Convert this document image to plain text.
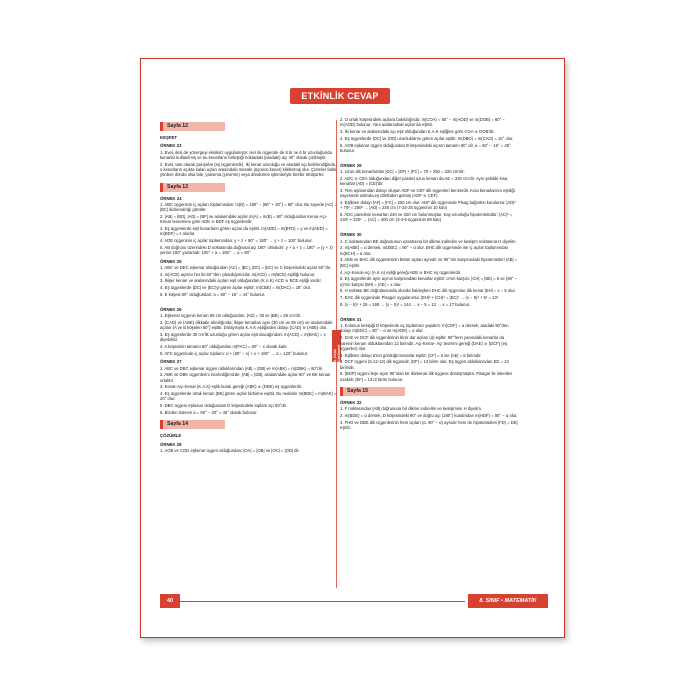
ETKİNLİK CEVAP ANAHTARI
6. Ünite Çözümleri
Sayfa 12
KEŞFET
ÖRNEK 23
1. Evet, ikisi de yönergeyi eksiksiz uygulamıştır. Her iki üçgende de 8 br ve 6 br uzunluğunda kenarlar kullanılmış ve bu kenarların birleştiği noktadaki (aradaki) açı 40° olarak çizilmiştir.
2. Evet, tam olarak çakışırlar (eş üçgenlerdir). İki kenar uzunluğu ve aradaki açı belirlendiğinde, o kenarların açıkta kalan uçları arasındaki mesafe (üçüncü kenar) kilitlenmiş olur. Çizimler farklı yönlere döndü olsa bile, yansıma (çevirme) veya döndürme işlemleriyle birebir örtüşürler.
Sayfa 13
ÖRNEK 24
1. ABC üçgeninin iç açıları toplamından: m(B) = 180° − (80° + 20°) = 80° olur. Bu sayede |AC| = |BC| ikizkenarlığı görülür.
2. |AB| = |BD|, |AD| = |BF| ve aralarındaki açılar m(A) = m(B) = 90° olduğundan Kenar-Açı- Kenar teoremine göre ADE ≅ BDF eş üçgenlerdir.
3. Eş üçgenlerde eşit kenarların gören açılar da eşittir. m(ADE) = m(BFD) = y ve m(AED) = m(BDF) = z olurlar.
4. ADE üçgeninin iç açılar toplamından: y + z + 90° = 180° → y + z = 100° bulunur.
5. AB doğrusu üzerindeki D noktasında doğrusal açı 180° olmalıdır: y + a + z = 180° ⇒ (y + z) yerine 100° yazarsak: 100° + a = 180° → a = 80°
ÖRNEK 25
1. ABC ve DEC eşkenar olduğundan |AC| = |BC|, |DC| = |EC| ve C köşesindeki açılar 60°'dır.
2. m(ACE) açısını her iki 60°'den çıkardığımızda: m(ACD) = m(BCE) eşitliği bulunur.
3. İkişer kenarı ve aralarındaki açıları eşit olduğundan (K.A.K) ACD ≅ BCE eşliği vardır.
4. Eş üçgenlerde |DC| ve |EC|'yi gören açılar eşittir: m(CBE) = m(DAC) = 18° olur.
5. E köşesi 60° olduğundan: a = 60° − 18° = 44° bulunur.
ÖRNEK 26
1. Eşkenar üçgenin kenarı 96 cm olduğundan, |AD| = 30 ve |BE| = 39 cm'dir.
2. (CAD) ve (ABE) dikkatle alındığında; İkişer kenarları aynı (30 cm ve 39 cm) ve aralarındaki açıları (A ve B köşeleri 60°) eşittir. Dolayısıyla K.A.K eşliğinden dolayı (CAD) ≅ (ABE) olur.
3. Eş üçgenlerde 30 cm'lik uzunluğu gören açılar eşit olacağından: m(ACD) = m(BAE) = x diyebiliriz.
4. A köşesinin tamamı 60° olduğundan m(FAC) = 60° − x olarak kalır.
5. AFC üçgeninde iç açılar toplamı: α + (60° − x) + x + 180° → α = 120° bulunur.
ÖRNEK 27
1. ABC ve DBC eşkenar üçgen olduklarından |AB| = |DB| ve m(ABK) = m(DBK) = 60°dir.
2. ABK ve DBK üçgenlerini incelediğimizde; |AB| = |DB|, aralarındaki açılar 60° ve BK kenarı ortaktır.
3. Kenar-Açı-Kenar (K.A.K) eşlik kuralı gereği (ABK) ≅ (DBK) eş üçgenlerdir.
4. Eş üçgenlerde ortak kenarı |BK| gören açılar birbirine eşittir. Bu nedenle m(BDK) = m(BAK) = 20° olur.
5. DBC üçgeni eşkenar olduğundan D köşesindeki toplam açı 60°dir.
6. Bizden istenen a = 60° − 20° = 40° olarak bulunur.
Sayfa 14
ÇÖZÜMLE
ÖRNEK 28
1. AOB ve COD eşkenar üçgen olduğundan; |OA| = |OB| ve |OC| = |OD| dir.
2. O ortak köşesindeki açılara bakıldığında: m(COA) = 60° − m(AOD) ve m(DOB) = 60° − m(AOD) bulunur. Yani aralarındaki açılar da eşittir.
3. İki kenar ve aralarındaki açı eşit olduğundan K.A.K eşliğine göre COA ≅ DOB'dir.
4. Eş üçgenlerde |OC| ve |OD| uzunluklarını gören açılar eşittir. m(DBO) = m(CAO) = 15° olur.
5. AOB eşkenar üçgen olduğundan B köşesindeki açının tamamı 60° dir, a = 60° − 15° = 45° bulunur.
ÖRNEK 29
1. Uzun dik kenarlardan |DC| = |DF| + |FC| = 70 + 250 = 320 cm'dir.
2. ADC ≅ CEA olduğundan diğer paralel uzun kenarı da AE = 320 cm'dir. Aynı şekilde kısa kenarlar |AD| = |CE|'dir.
3. Tere aşılarından dolayı oluşan ADF ve CEF dik üçgenleri benzerdir. Kısa kenarlarının eşitliği sayesinde aslında eş dörtlüden gelmiş (ADF ≅ CEF).
4. Eşlikten dolayı |AF| = |FC| = 250 cm olur. ADF dik üçgeninde Pisag bağıntısı kurulursa: |AD|² + 70² = 250² → |AD| = 240 cm (7-24-25 üçgeninin 10 katı)
5. ADC panelinin kenarları 240 ve 320 cm bulunmuştur. Kay uzunluğu hipotenüsüdür: |AC|² = 240² + 320² → |AC| = 400 cm (3-4-5 üçgeninin 80 katı)
ÖRNEK 30
1. C noktasından BE doğrusunun uzantısına bir dikme indirelim ve kesişim noktasına H diyelim.
2. m(ABE) = α dersek, m(EBC) = 90° − α olur. BHC dik üçgeninde ise iç açılar toplamından m(BCH) = α olur.
3. AEB ve BHC dik üçgenlerinin bütün açıları aynıdır ve 90°'nin karşısındaki hipotenüsleri |AB| = |BC| eşittir.
4. Açı-Kenar-Açı (A.K.A) eşliği gereği AEB ≅ BHC eş üçgenlerdir.
5. Eş üçgenlerde aynı açının karşısındaki kenarlar eşittir: α'nın karşısı: |CH| = |BE| = 5 ve (90° − α)'nın karşısı |BH| = |AE| = x olur.
6. H noktası BE doğrultusunda olunda haldeyken EHC dik üçgenine dik kenar |EH| = x − 5 olur.
7. EHC dik üçgeninde Pisagor uygulanırsa: |EH|² + |CH|² = |EC|² → (x − 5)² + 5² = 13²
8. (x − 5)² + 25 = 169 → (x − 5)² = 144 → x − 5 = 12 → x = 17 bulunur.
ÖRNEK 31
1. Kolonun kesişiği D köşesinde aç toplamacı yapalım: m(CDF) = α dersek, aradaki 90°den dolayı m(EDC) = 90° − α ve m(ADE) = α olur.
2. DAE ve DCF dik üçgenlerinin birer dar açıları (α) eşittir. 90°'lerin yanındaki kenarlar da karenin kenarı olduklarından 12 birimdir. Açı-Kenar- Açı teoremi gereği (DAE) ≅ (DCF) (eş üçgenler) olur.
3. Eşlikten dolayı α'nın gördüğü kenarlar eşittir: |CF| = 5 ise |AE| = 5 birimdir.
4. DCF üçgeni (5-12-13) dik üçgendir, |DF| = 13 birim olur. Eş üçgen olduklarından ED = 13 birimdir.
5. (BDP) üçgeni leşe açısı 90°olan bir ikizkenar dik üçgene dönüşmüştür. Pisagor ile istenilen uzaklık: |EF| = 13√2 birim bulunur.
Sayfa 15
ÖRNEK 32
1. F noktasından [AB] doğrusuna bir dikme indirelim ve kesişimine H diyelim.
2. m(BDE) = α dersek, D köşesindeki 90° ve doğru açı (180°) kuralından m(HDF) = 90° − α olur.
3. FHD ve DBE dik üçgenlerinin hem açıları (α, 90° − α) aynıdır hem de hipotenüsleri |FD| = DE| eşittir.
40	8. SINIF • MATEMATİK
